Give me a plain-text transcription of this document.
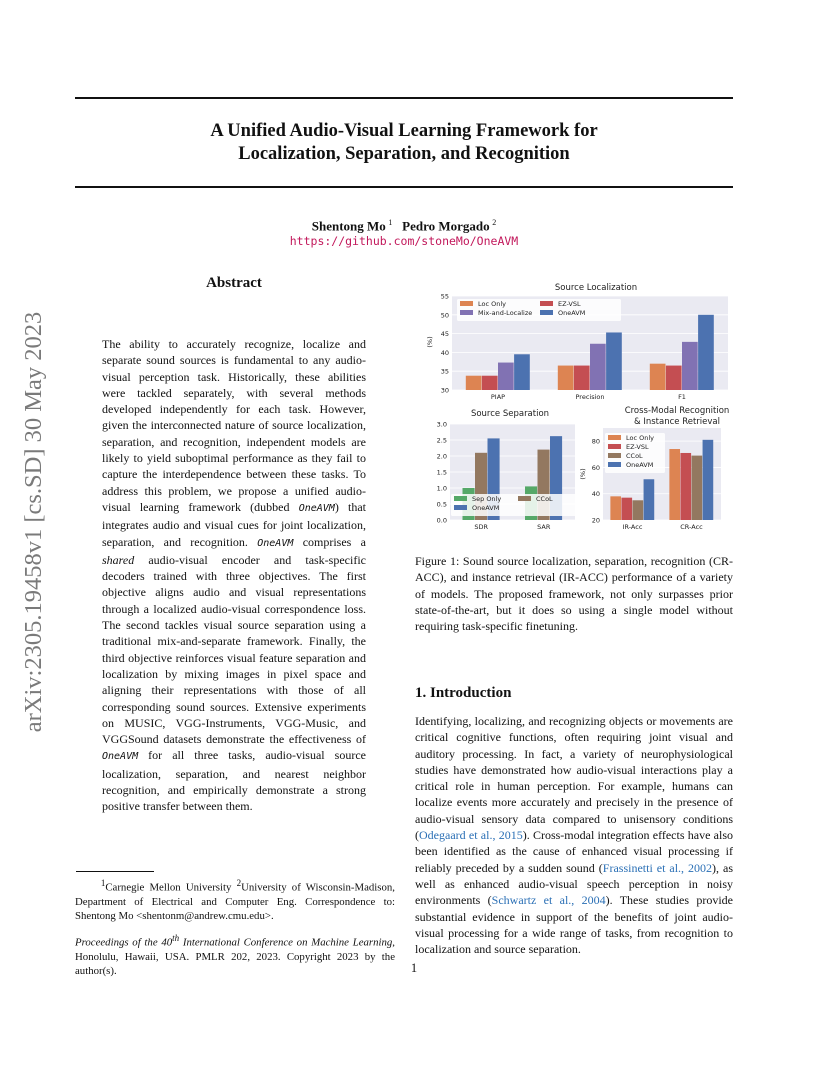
A Unified Audio-Visual Learning Framework for
Localization, Separation, and Recognition
Shentong Mo  $^1$ Pedro Morgado  $^2$
https://github.com/stoneMo/OneAVM
arXiv:2305.19458v1 [cs.SD] 30 May 2023
Abstract
The ability to accurately recognize, localize and separate sound sources is fundamental to any audio-visual perception task. Historically, these abilities were tackled separately, with several methods developed independently for each task. However, given the interconnected nature of source localization, separation, and recognition, independent models are likely to yield suboptimal performance as they fail to capture the interdependence between these tasks. To address this problem, we propose a unified audio-visual learning framework (dubbed OneAVM) that integrates audio and visual cues for joint localization, separation, and recognition. OneAVM comprises a shared audio-visual encoder and task-specific decoders trained with three objectives. The first objective aligns audio and visual representations through a localized audio-visual correspondence loss. The second tackles visual source separation using a traditional mix-and-separate framework. Finally, the third objective reinforces visual feature separation and localization by mixing images in pixel space and aligning their representations with those of all corresponding sound sources. Extensive experiments on MUSIC, VGG-Instruments, VGG-Music, and VGGSound datasets demonstrate the effectiveness of OneAVM for all three tasks, audio-visual source localization, separation, and nearest neighbor recognition, and empirically demonstrate a strong positive transfer between them.
$^1$Carnegie Mellon University $^2$University of Wisconsin-Madison, Department of Electrical and Computer Eng. Correspondence to: Shentong Mo <shentonm@andrew.cmu.edu>.
Proceedings of the 40th International Conference on Machine Learning, Honolulu, Hawaii, USA. PMLR 202, 2023. Copyright 2023 by the author(s).	1
Source Localization
30
35
40
45
50
55
PIAP	Precision	F1
(%)
Loc Only	EZ-VSL
Mix-and-Localize	OneAVM
Source Separation
0.0
0.5
1.0
1.5
2.0
2.5
3.0
SDR	SAR
Sep Only	CCoL
OneAVM
Cross-Modal Recognition
& Instance Retrieval
20
40
60
80
IR-Acc	CR-Acc
(%)
Loc Only
EZ-VSL
CCoL
OneAVM
Figure 1: Sound source localization, separation, recognition (CR-ACC), and instance retrieval (IR-ACC) performance of a variety of models. The proposed framework, not only surpasses prior state-of-the-art, but it does so using a single model without requiring task-specific finetuning.
1. Introduction
Identifying, localizing, and recognizing objects or movements are critical cognitive functions, often requiring joint visual and auditory processing. In fact, a variety of neurophysiological studies have demonstrated how audio-visual interactions play a critical role in human perception. For example, humans can localize events more accurately and precisely in the presence of audio-visual sensory data compared to unisensory conditions (Odegaard et al., 2015). Cross-modal integration effects have also been identified as the cause of enhanced visual processing if reliably preceded by a sudden sound (Frassinetti et al., 2002), as well as enhanced audio-visual speech perception in noisy environments (Schwartz et al., 2004). These studies provide substantial evidence in support of the benefits of joint audio-visual processing for a wide range of tasks, from recognition to localization and source separation.
